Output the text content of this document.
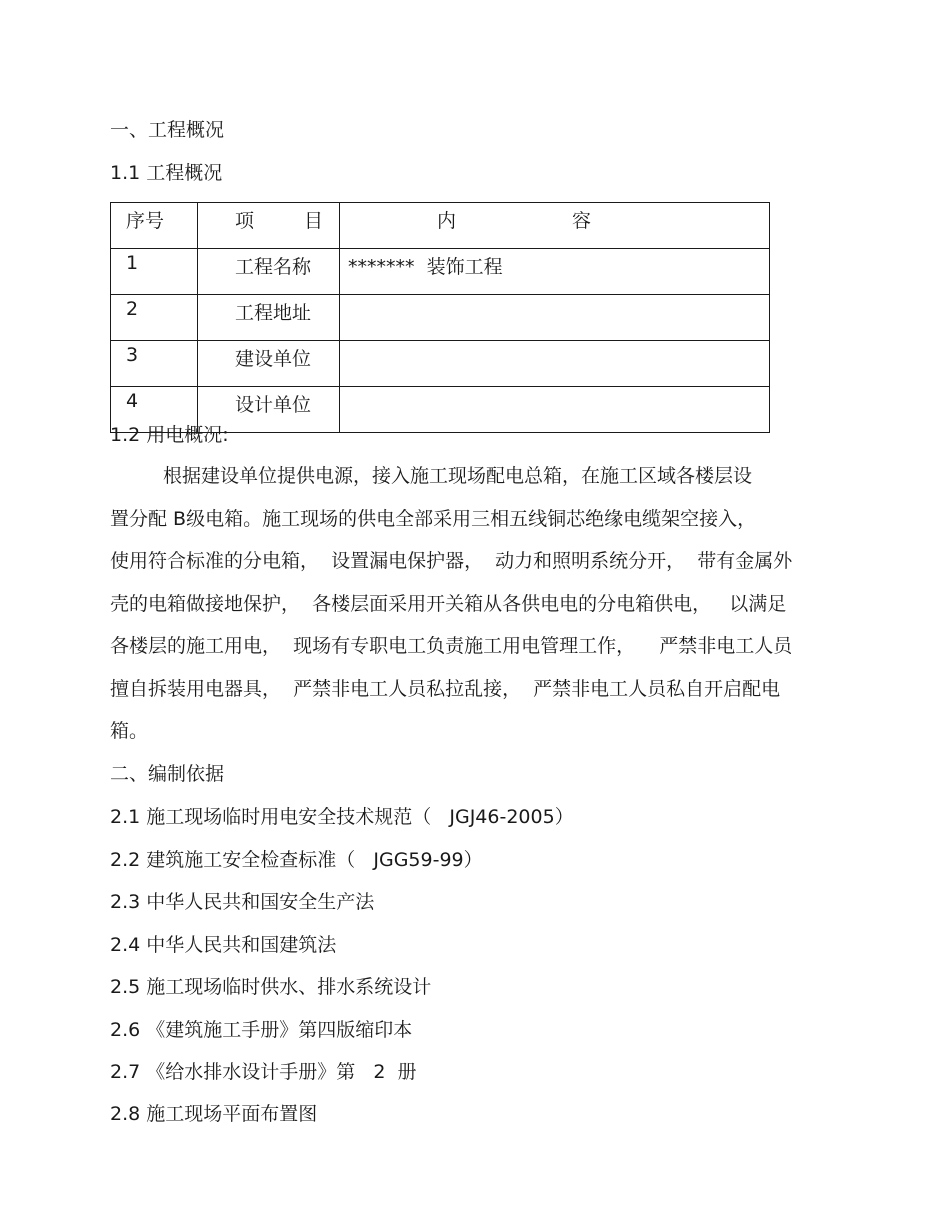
一、工程概况
1.1 工程概况
序号	项 目	内 容
1	工程名称	*******  装饰工程
2	工程地址	
3	建设单位	
4	设计单位	
1.2 用电概况:
根据建设单位提供电源，接入施工现场配电总箱，在施工区域各楼层设
置分配 B级电箱。施工现场的供电全部采用三相五线铜芯绝缘电缆架空接入，
使用符合标准的分电箱，  设置漏电保护器，  动力和照明系统分开，  带有金属外
壳的电箱做接地保护，  各楼层面采用开关箱从各供电电的分电箱供电，   以满足
各楼层的施工用电，  现场有专职电工负责施工用电管理工作，    严禁非电工人员
擅自拆装用电器具，  严禁非电工人员私拉乱接，  严禁非电工人员私自开启配电
箱。
二、编制依据
2.1 施工现场临时用电安全技术规范（   JGJ46-2005）
2.2 建筑施工安全检查标准（   JGG59-99）
2.3 中华人民共和国安全生产法
2.4 中华人民共和国建筑法
2.5 施工现场临时供水、排水系统设计
2.6 《建筑施工手册》第四版缩印本
2.7 《给水排水设计手册》第   2  册
2.8 施工现场平面布置图
